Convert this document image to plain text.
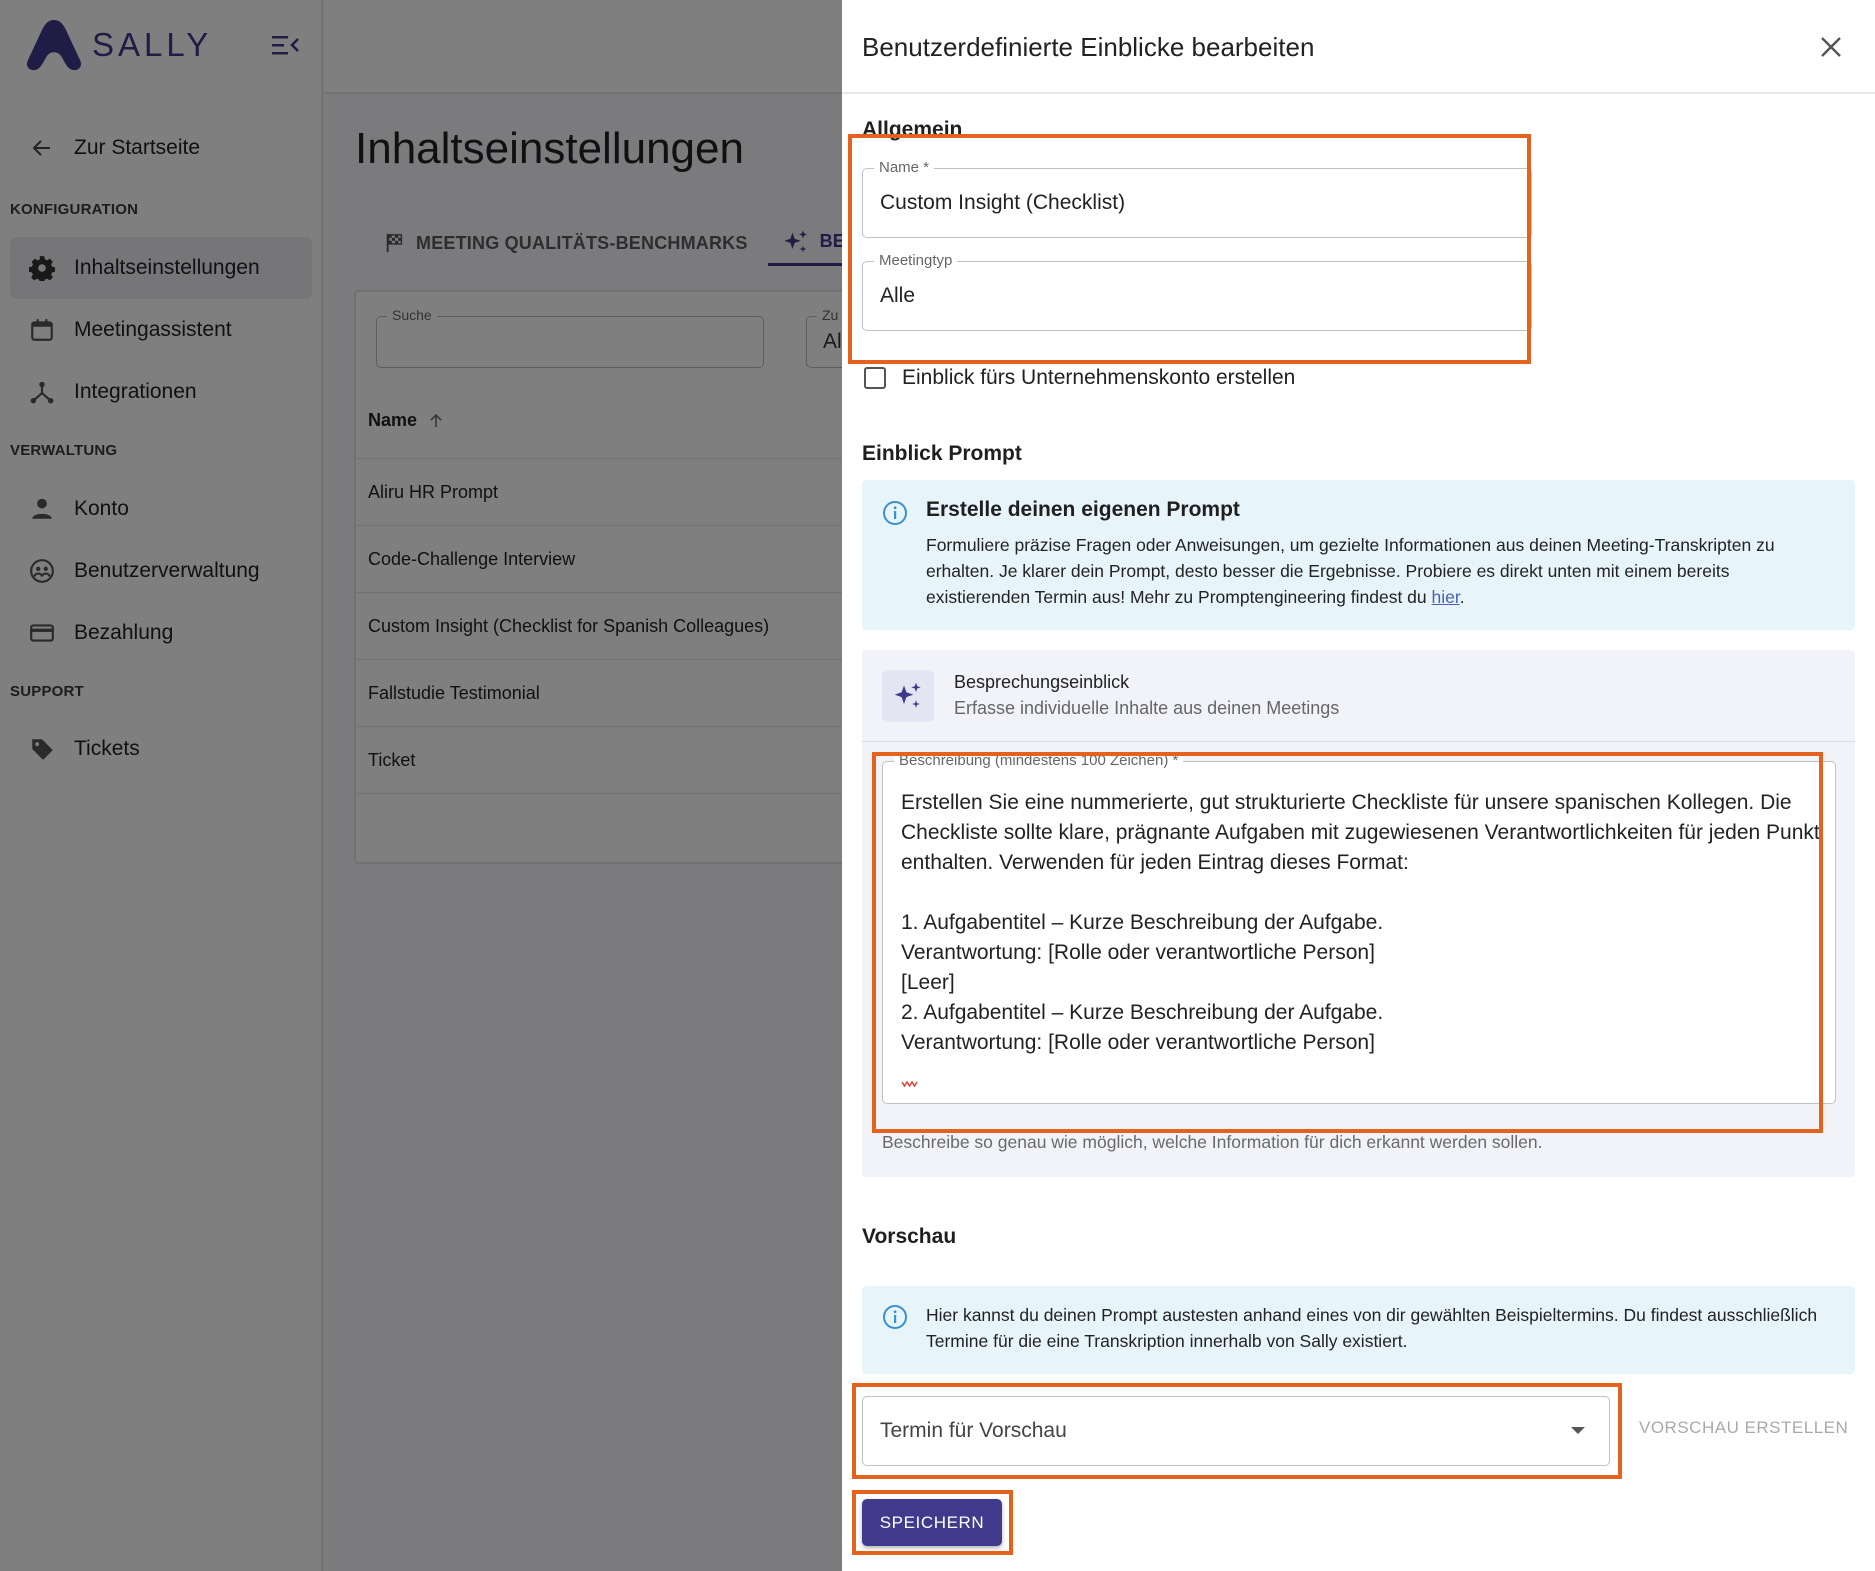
Benutzerdefinierte Einblicke bearbeiten
Allgemein
Name *
Custom Insight (Checklist)
Meetingtyp
Alle
Einblick fürs Unternehmenskonto erstellen
Einblick Prompt
Erstelle deinen eigenen Prompt
Formuliere präzise Fragen oder Anweisungen, um gezielte Informationen aus deinen Meeting-Transkripten zu erhalten. Je klarer dein Prompt, desto besser die Ergebnisse. Probiere es direkt unten mit einem bereits existierenden Termin aus! Mehr zu Promptengineering findest du hier.
Besprechungseinblick
Erfasse individuelle Inhalte aus deinen Meetings
Beschreibung (mindestens 100 Zeichen) *
Erstellen Sie eine nummerierte, gut strukturierte Checkliste für unsere spanischen Kollegen. Die Checkliste sollte klare, prägnante Aufgaben mit zugewiesenen Verantwortlichkeiten für jeden Punkt enthalten. Verwenden für jeden Eintrag dieses Format:

1. Aufgabentitel – Kurze Beschreibung der Aufgabe.
Verantwortung: [Rolle oder verantwortliche Person]
[Leer]
2. Aufgabentitel – Kurze Beschreibung der Aufgabe.
Verantwortung: [Rolle oder verantwortliche Person]
Beschreibe so genau wie möglich, welche Information für dich erkannt werden sollen.
Vorschau
Hier kannst du deinen Prompt austesten anhand eines von dir gewählten Beispieltermins. Du findest ausschließlich Termine für die eine Transkription innerhalb von Sally existiert.
Termin für Vorschau	VORSCHAU ERSTELLEN
SPEICHERN
